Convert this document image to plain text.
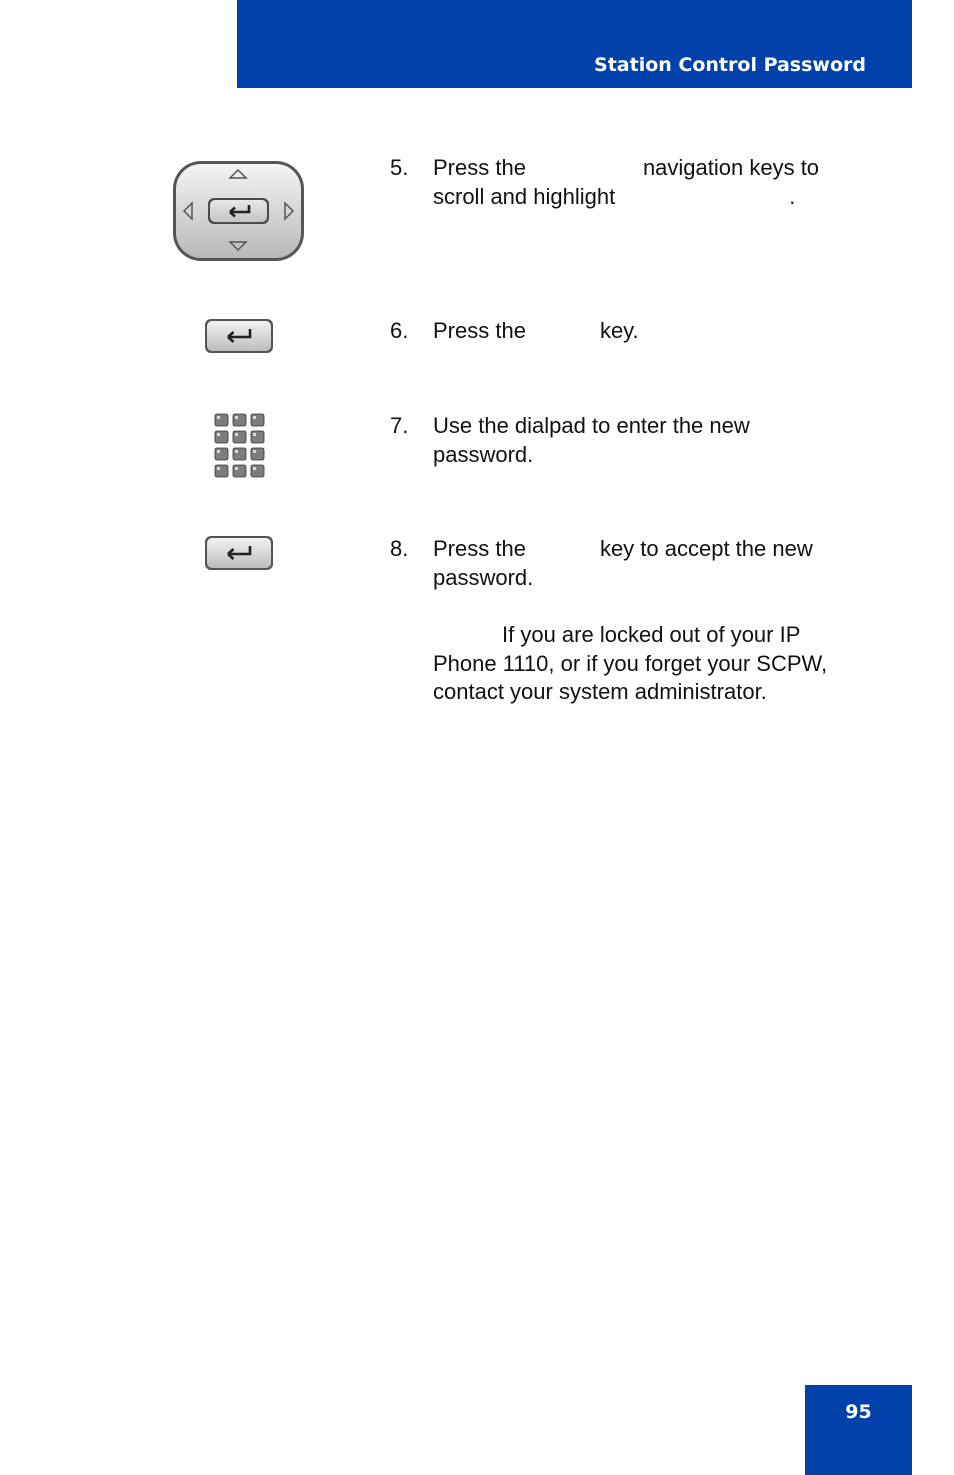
Station Control Password
5. Press the	navigation keys to scroll and highlight	.
6. Press the	key.
7. Use the dialpad to enter the new password.
8. Press the	key to accept the new password.
If you are locked out of your IP Phone 1110, or if you forget your SCPW, contact your system administrator.
95
